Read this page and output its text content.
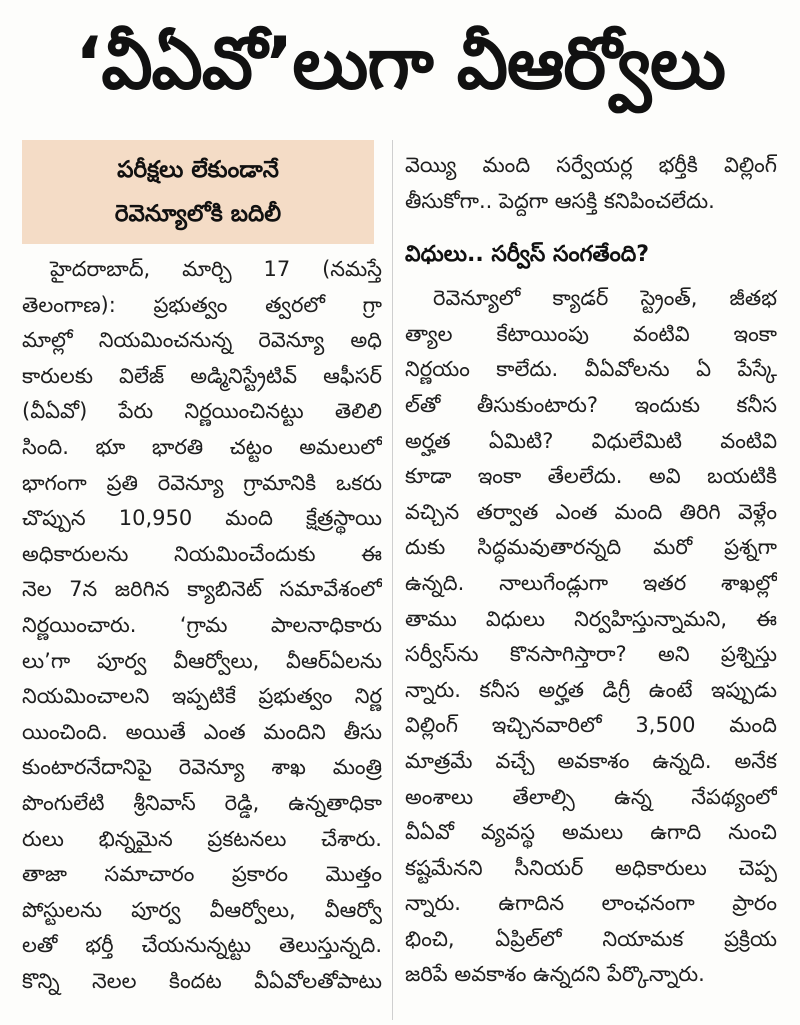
‘వీఏవో’లుగా వీఆర్వోలు
పరీక్షలు లేకుండానే
రెవెన్యూలోకి బదిలీ
హైదరాబాద్, మార్చి 17 (నమస్తే
తెలంగాణ): ప్రభుత్వం త్వరలో గ్రా
మాల్లో నియమించనున్న రెవెన్యూ అధి
కారులకు విలేజ్ అడ్మినిస్ట్రేటివ్ ఆఫీసర్
(వీఏవో) పేరు నిర్ణయించినట్టు తెలిలి
సింది. భూ భారతి చట్టం అమలులో
భాగంగా ప్రతి రెవెన్యూ గ్రామానికి ఒకరు
చొప్పున 10,950 మంది క్షేత్రస్థాయి
అధికారులను నియమించేందుకు ఈ
నెల 7న జరిగిన క్యాబినెట్ సమావేశంలో
నిర్ణయించారు. ‘గ్రామ పాలనాధికారు
లు’గా పూర్వ వీఆర్వోలు, వీఆర్ఏలను
నియమించాలని ఇప్పటికే ప్రభుత్వం నిర్ణ
యించింది. అయితే ఎంత మందిని తీసు
కుంటారనేదానిపై రెవెన్యూ శాఖ మంత్రి
పొంగులేటి శ్రీనివాస్ రెడ్డి, ఉన్నతాధికా
రులు భిన్నమైన ప్రకటనలు చేశారు.
తాజా సమాచారం ప్రకారం మొత్తం
పోస్టులను పూర్వ వీఆర్వోలు, వీఆర్వో
లతో భర్తీ చేయనున్నట్టు తెలుస్తున్నది.
కొన్ని నెలల కిందట వీఏవోలతోపాటు
వెయ్యి మంది సర్వేయర్ల భర్తీకి విల్లింగ్
తీసుకోగా.. పెద్దగా ఆసక్తి కనిపించలేదు.
విధులు.. సర్వీస్ సంగతేంది?
రెవెన్యూలో క్యాడర్ స్ట్రెంత్, జీతభ
త్యాల కేటాయింపు వంటివి ఇంకా
నిర్ణయం కాలేదు. వీఏవోలను ఏ పేస్కే
ల్‌తో తీసుకుంటారు? ఇందుకు కనీస
అర్హత ఏమిటి? విధులేమిటి వంటివి
కూడా ఇంకా తేలలేదు. అవి బయటికి
వచ్చిన తర్వాత ఎంత మంది తిరిగి వెళ్లేం
దుకు సిద్ధమవుతారన్నది మరో ప్రశ్నగా
ఉన్నది. నాలుగేండ్లుగా ఇతర శాఖల్లో
తాము విధులు నిర్వహిస్తున్నామని, ఈ
సర్వీస్‌ను కొనసాగిస్తారా? అని ప్రశ్నిస్తు
న్నారు. కనీస అర్హత డిగ్రీ ఉంటే ఇప్పుడు
విల్లింగ్ ఇచ్చినవారిలో 3,500 మంది
మాత్రమే వచ్చే అవకాశం ఉన్నది. అనేక
అంశాలు తేలాల్సి ఉన్న నేపథ్యంలో
వీఏవో వ్యవస్థ అమలు ఉగాది నుంచి
కష్టమేనని సీనియర్ అధికారులు చెప్ప
న్నారు. ఉగాదిన లాంఛనంగా ప్రారం
భించి, ఏప్రిల్‌లో నియామక ప్రక్రియ
జరిపే అవకాశం ఉన్నదని పేర్కొన్నారు.
